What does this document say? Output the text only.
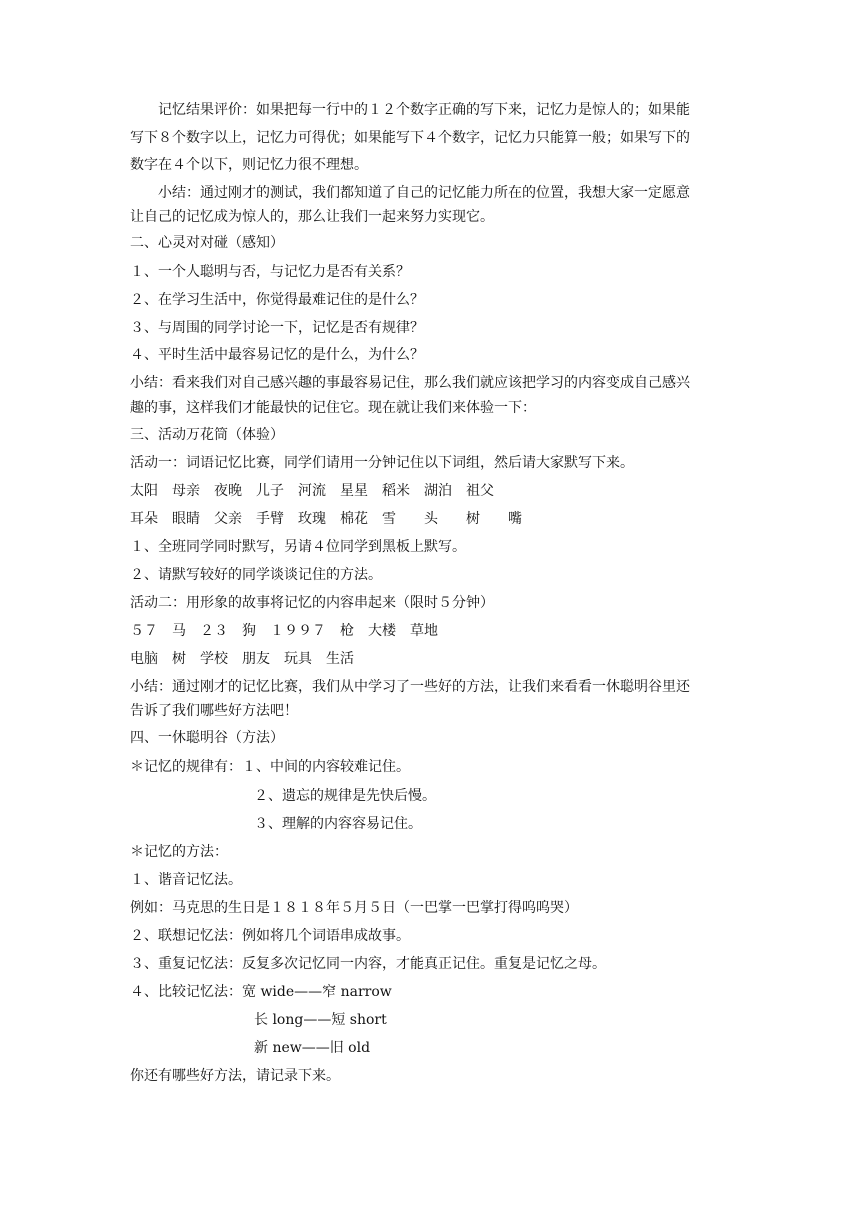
记忆结果评价：如果把每一行中的１２个数字正确的写下来，记忆力是惊人的；如果能
写下８个数字以上，记忆力可得优；如果能写下４个数字，记忆力只能算一般；如果写下的
数字在４个以下，则记忆力很不理想。
小结：通过刚才的测试，我们都知道了自己的记忆能力所在的位置，我想大家一定愿意
让自己的记忆成为惊人的，那么让我们一起来努力实现它。
二、心灵对对碰（感知）
１、一个人聪明与否，与记忆力是否有关系？
２、在学习生活中，你觉得最难记住的是什么？
３、与周围的同学讨论一下，记忆是否有规律？
４、平时生活中最容易记忆的是什么，为什么？
小结：看来我们对自己感兴趣的事最容易记住，那么我们就应该把学习的内容变成自己感兴
趣的事，这样我们才能最快的记住它。现在就让我们来体验一下：
三、活动万花筒（体验）
活动一：词语记忆比赛，同学们请用一分钟记住以下词组，然后请大家默写下来。
太阳　母亲　夜晚　儿子　河流　星星　稻米　湖泊　祖父
耳朵　眼睛　父亲　手臂　玫瑰　棉花　雪　　头　　树　　嘴
１、全班同学同时默写，另请４位同学到黑板上默写。
２、请默写较好的同学谈谈记住的方法。
活动二：用形象的故事将记忆的内容串起来（限时５分钟）
５７　马　２３　狗　１９９７　枪　大楼　草地
电脑　树　学校　朋友　玩具　生活
小结：通过刚才的记忆比赛，我们从中学习了一些好的方法，让我们来看看一休聪明谷里还
告诉了我们哪些好方法吧！
四、一休聪明谷（方法）
＊记忆的规律有：１、中间的内容较难记住。
２、遗忘的规律是先快后慢。
３、理解的内容容易记住。
＊记忆的方法：
１、谐音记忆法。
例如：马克思的生日是１８１８年５月５日（一巴掌一巴掌打得呜呜哭）
２、联想记忆法：例如将几个词语串成故事。
３、重复记忆法：反复多次记忆同一内容，才能真正记住。重复是记忆之母。
４、比较记忆法：宽 wide——窄 narrow
长 long——短 short
新 new——旧 old
你还有哪些好方法，请记录下来。
